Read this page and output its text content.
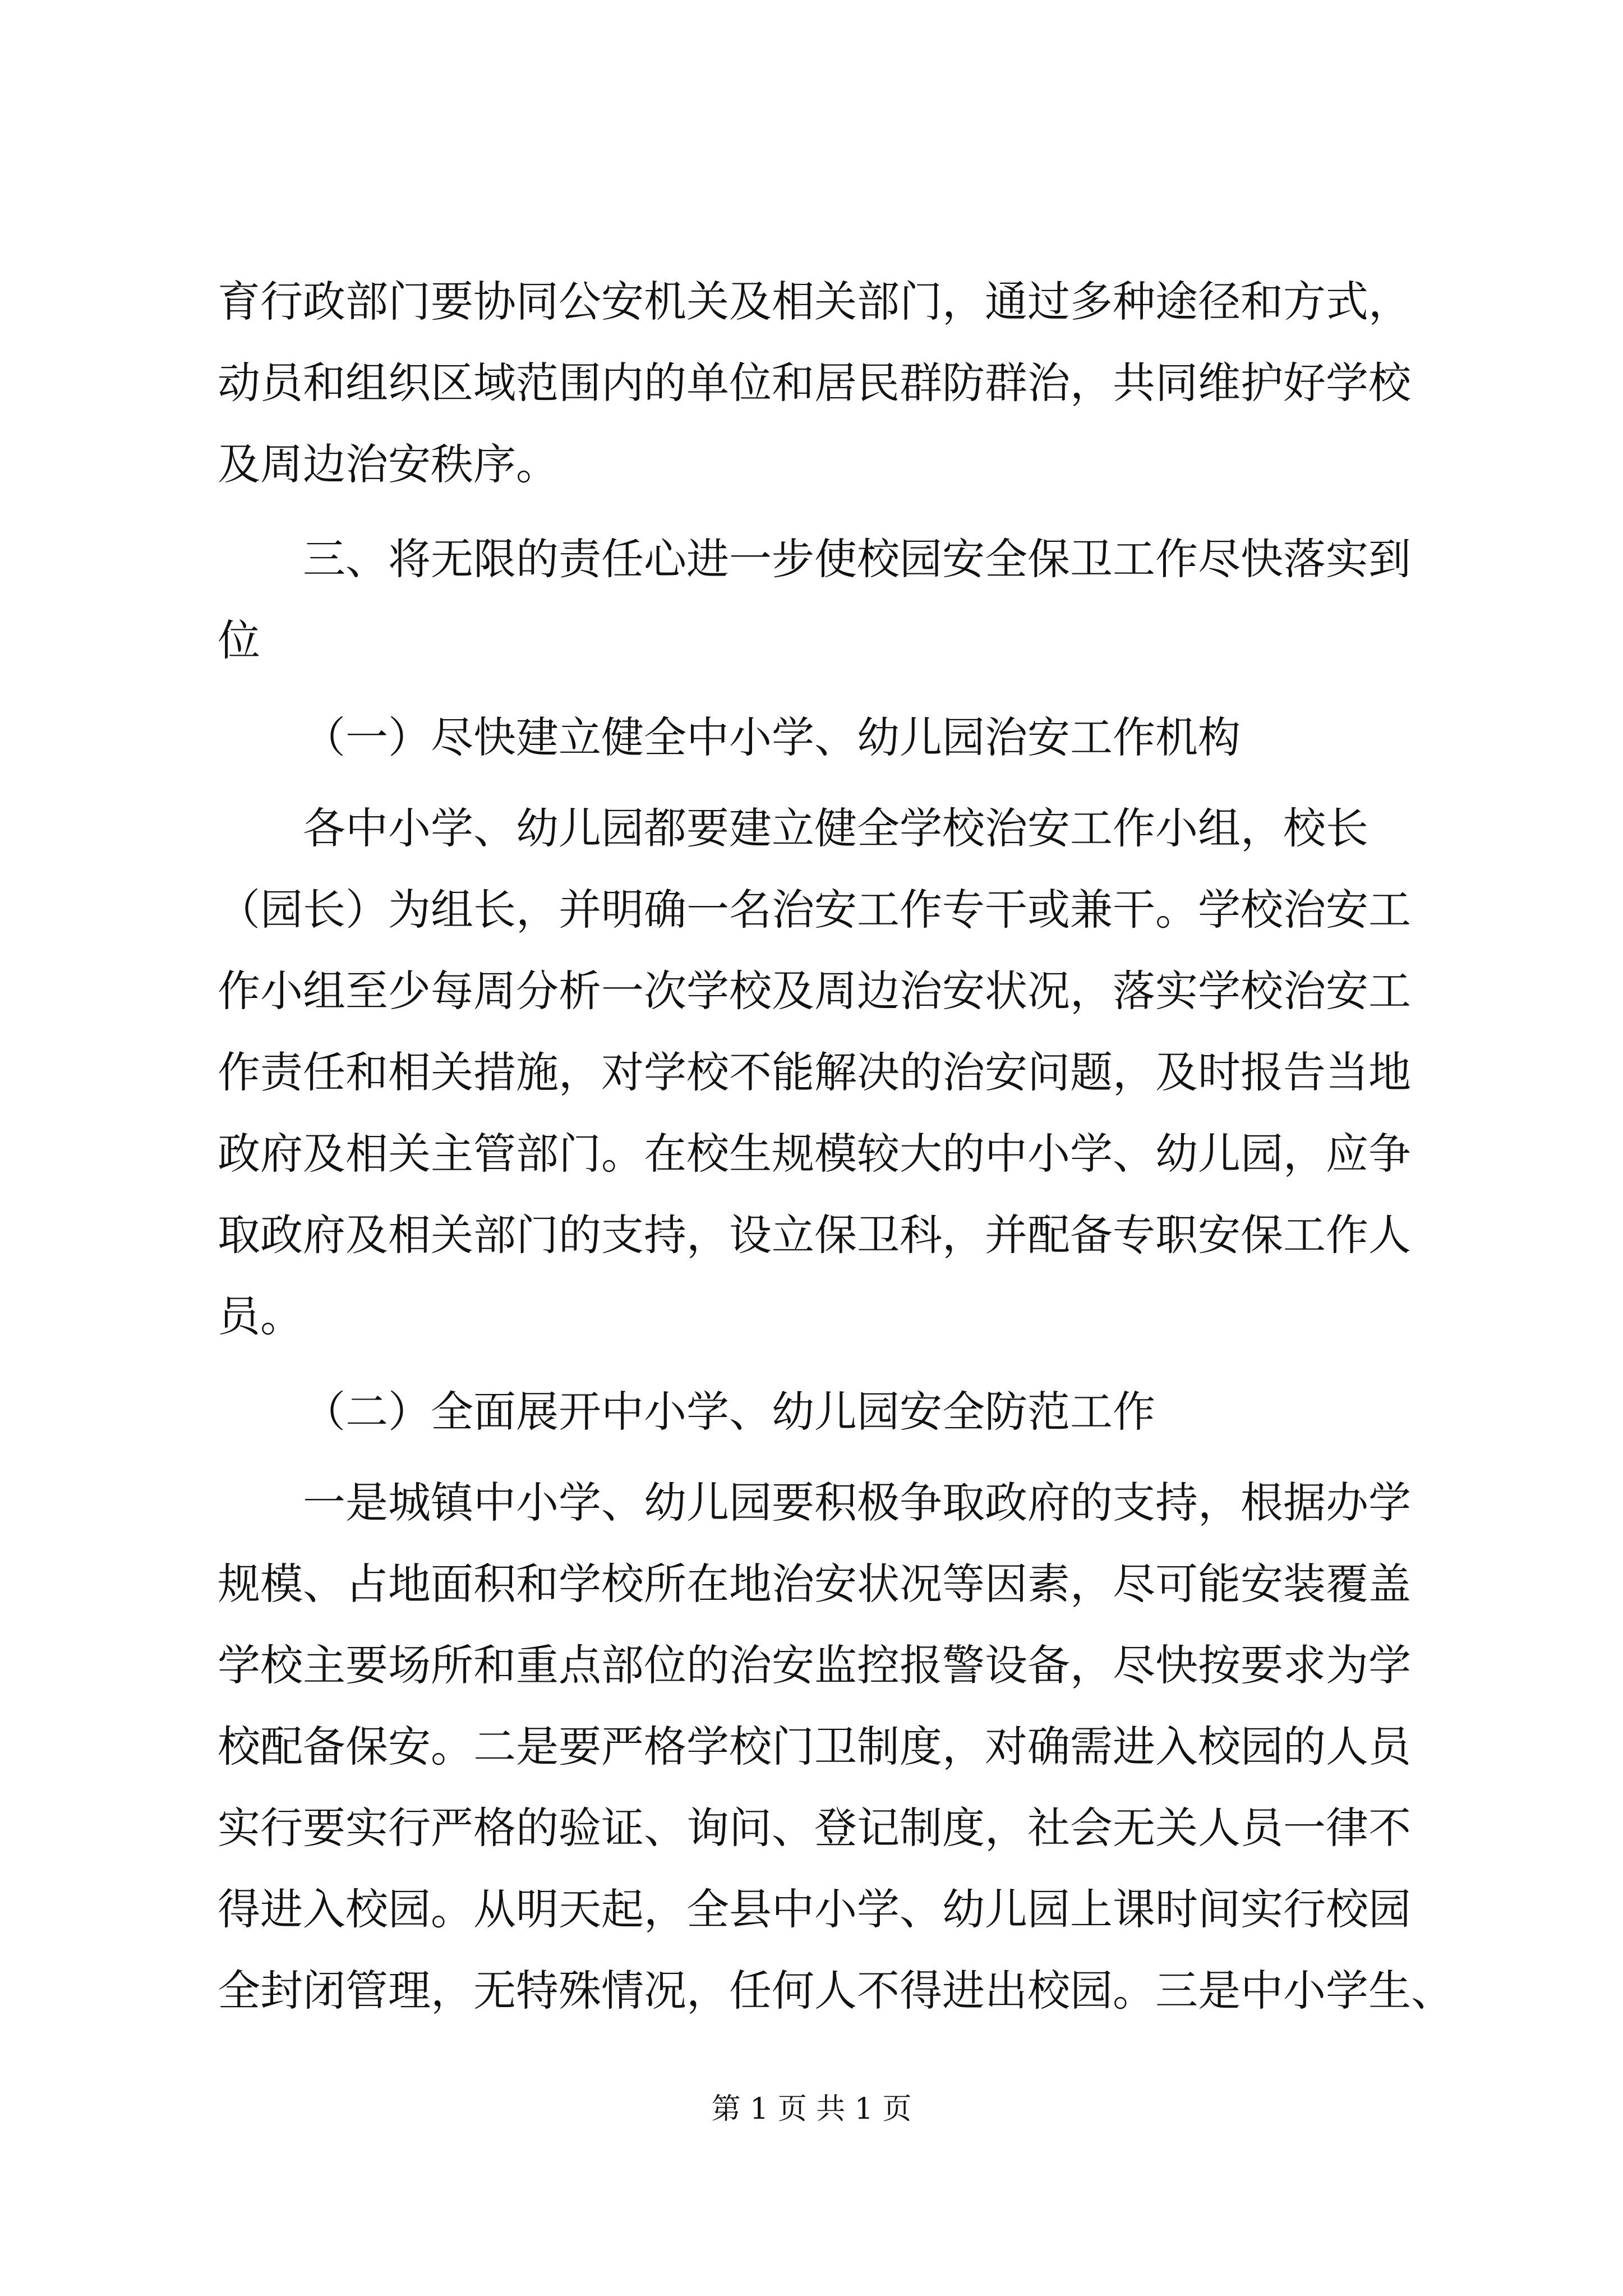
育行政部门要协同公安机关及相关部门，通过多种途径和方式，

动员和组织区域范围内的单位和居民群防群治，共同维护好学校

及周边治安秩序。

三、将无限的责任心进一步使校园安全保卫工作尽快落实到

位

（一）尽快建立健全中小学、幼儿园治安工作机构

各中小学、幼儿园都要建立健全学校治安工作小组，校长

（园长）为组长，并明确一名治安工作专干或兼干。学校治安工

作小组至少每周分析一次学校及周边治安状况，落实学校治安工

作责任和相关措施，对学校不能解决的治安问题，及时报告当地

政府及相关主管部门。在校生规模较大的中小学、幼儿园，应争

取政府及相关部门的支持，设立保卫科，并配备专职安保工作人

员。

（二）全面展开中小学、幼儿园安全防范工作

一是城镇中小学、幼儿园要积极争取政府的支持，根据办学

规模、占地面积和学校所在地治安状况等因素，尽可能安装覆盖

学校主要场所和重点部位的治安监控报警设备，尽快按要求为学

校配备保安。二是要严格学校门卫制度，对确需进入校园的人员

实行要实行严格的验证、询问、登记制度，社会无关人员一律不

得进入校园。从明天起，全县中小学、幼儿园上课时间实行校园

全封闭管理，无特殊情况，任何人不得进出校园。三是中小学生、

第 1 页 共 1 页
